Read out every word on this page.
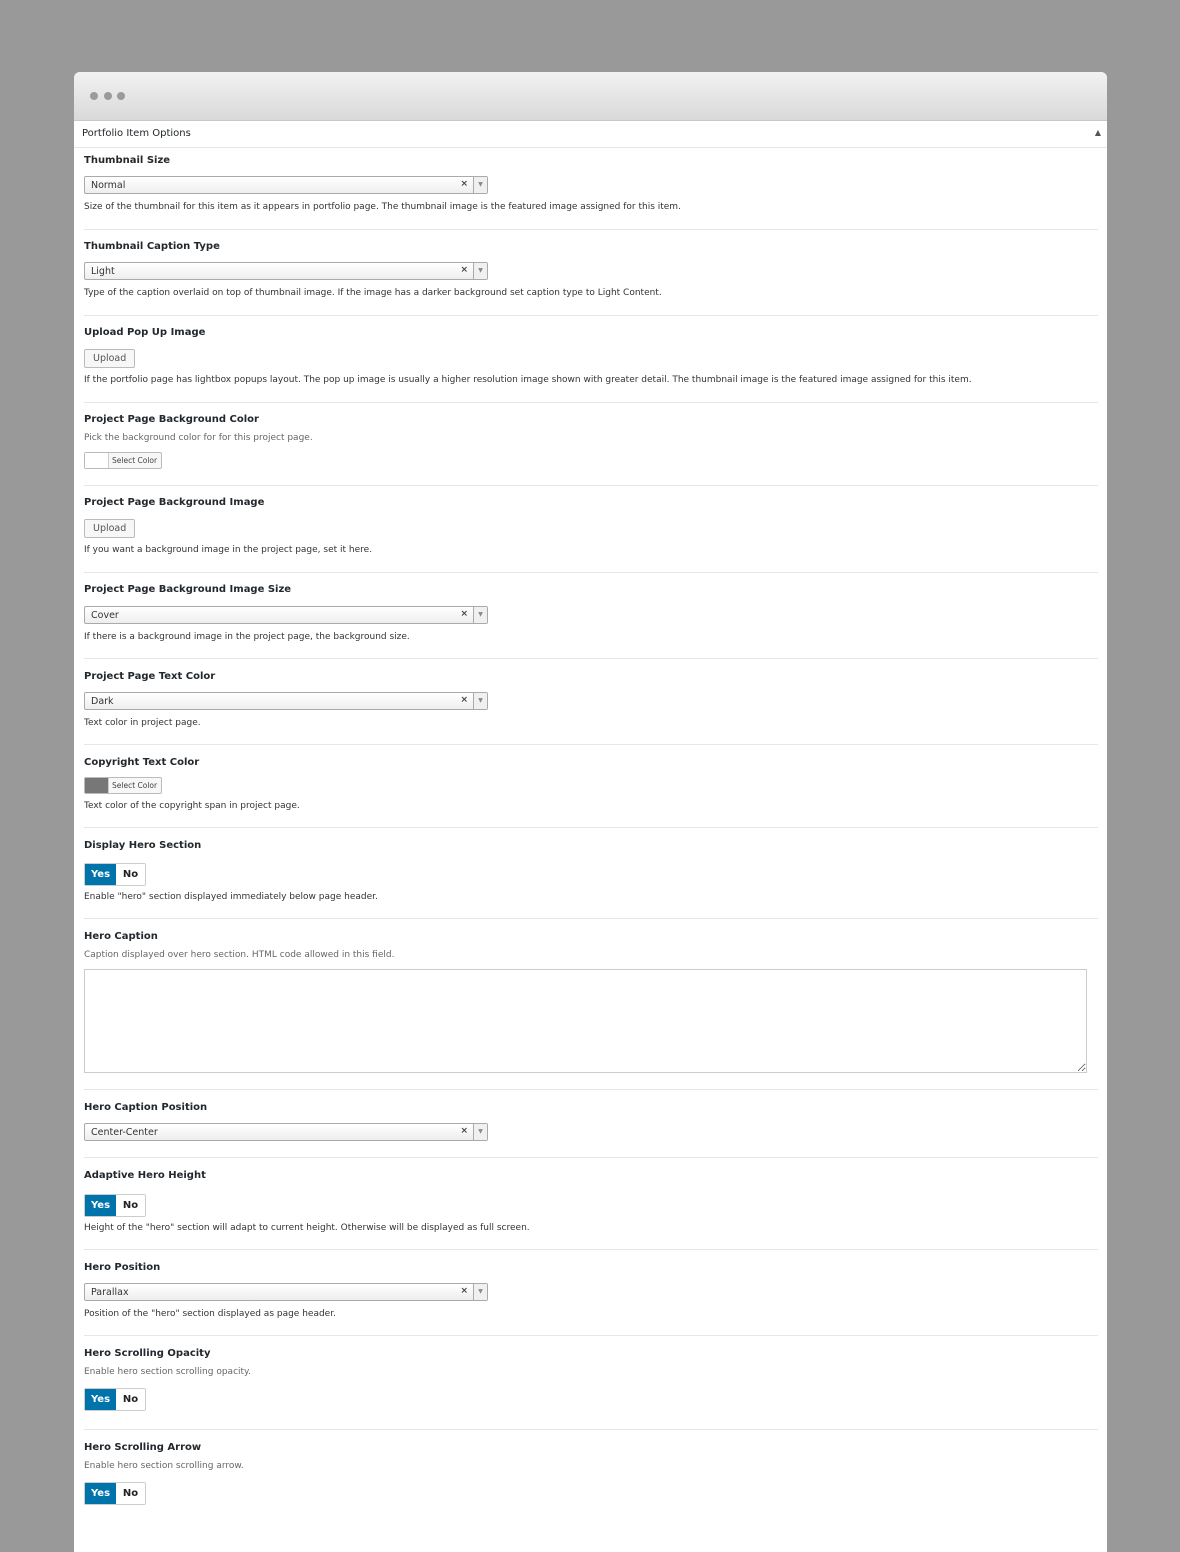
Portfolio Item Options	▲
Thumbnail Size
Normal	×	▼
Size of the thumbnail for this item as it appears in portfolio page. The thumbnail image is the featured image assigned for this item.
Thumbnail Caption Type
Light	×	▼
Type of the caption overlaid on top of thumbnail image. If the image has a darker background set caption type to Light Content.
Upload Pop Up Image
Upload
If the portfolio page has lightbox popups layout. The pop up image is usually a higher resolution image shown with greater detail. The thumbnail image is the featured image assigned for this item.
Project Page Background Color
Pick the background color for for this project page.
Select Color
Project Page Background Image
Upload
If you want a background image in the project page, set it here.
Project Page Background Image Size
Cover	×	▼
If there is a background image in the project page, the background size.
Project Page Text Color
Dark	×	▼
Text color in project page.
Copyright Text Color
Select Color
Text color of the copyright span in project page.
Display Hero Section
Yes	No
Enable "hero" section displayed immediately below page header.
Hero Caption
Caption displayed over hero section. HTML code allowed in this field.
Hero Caption Position
Center-Center	×	▼
Adaptive Hero Height
Yes	No
Height of the "hero" section will adapt to current height. Otherwise will be displayed as full screen.
Hero Position
Parallax	×	▼
Position of the "hero" section displayed as page header.
Hero Scrolling Opacity
Enable hero section scrolling opacity.
Yes	No
Hero Scrolling Arrow
Enable hero section scrolling arrow.
Yes	No
